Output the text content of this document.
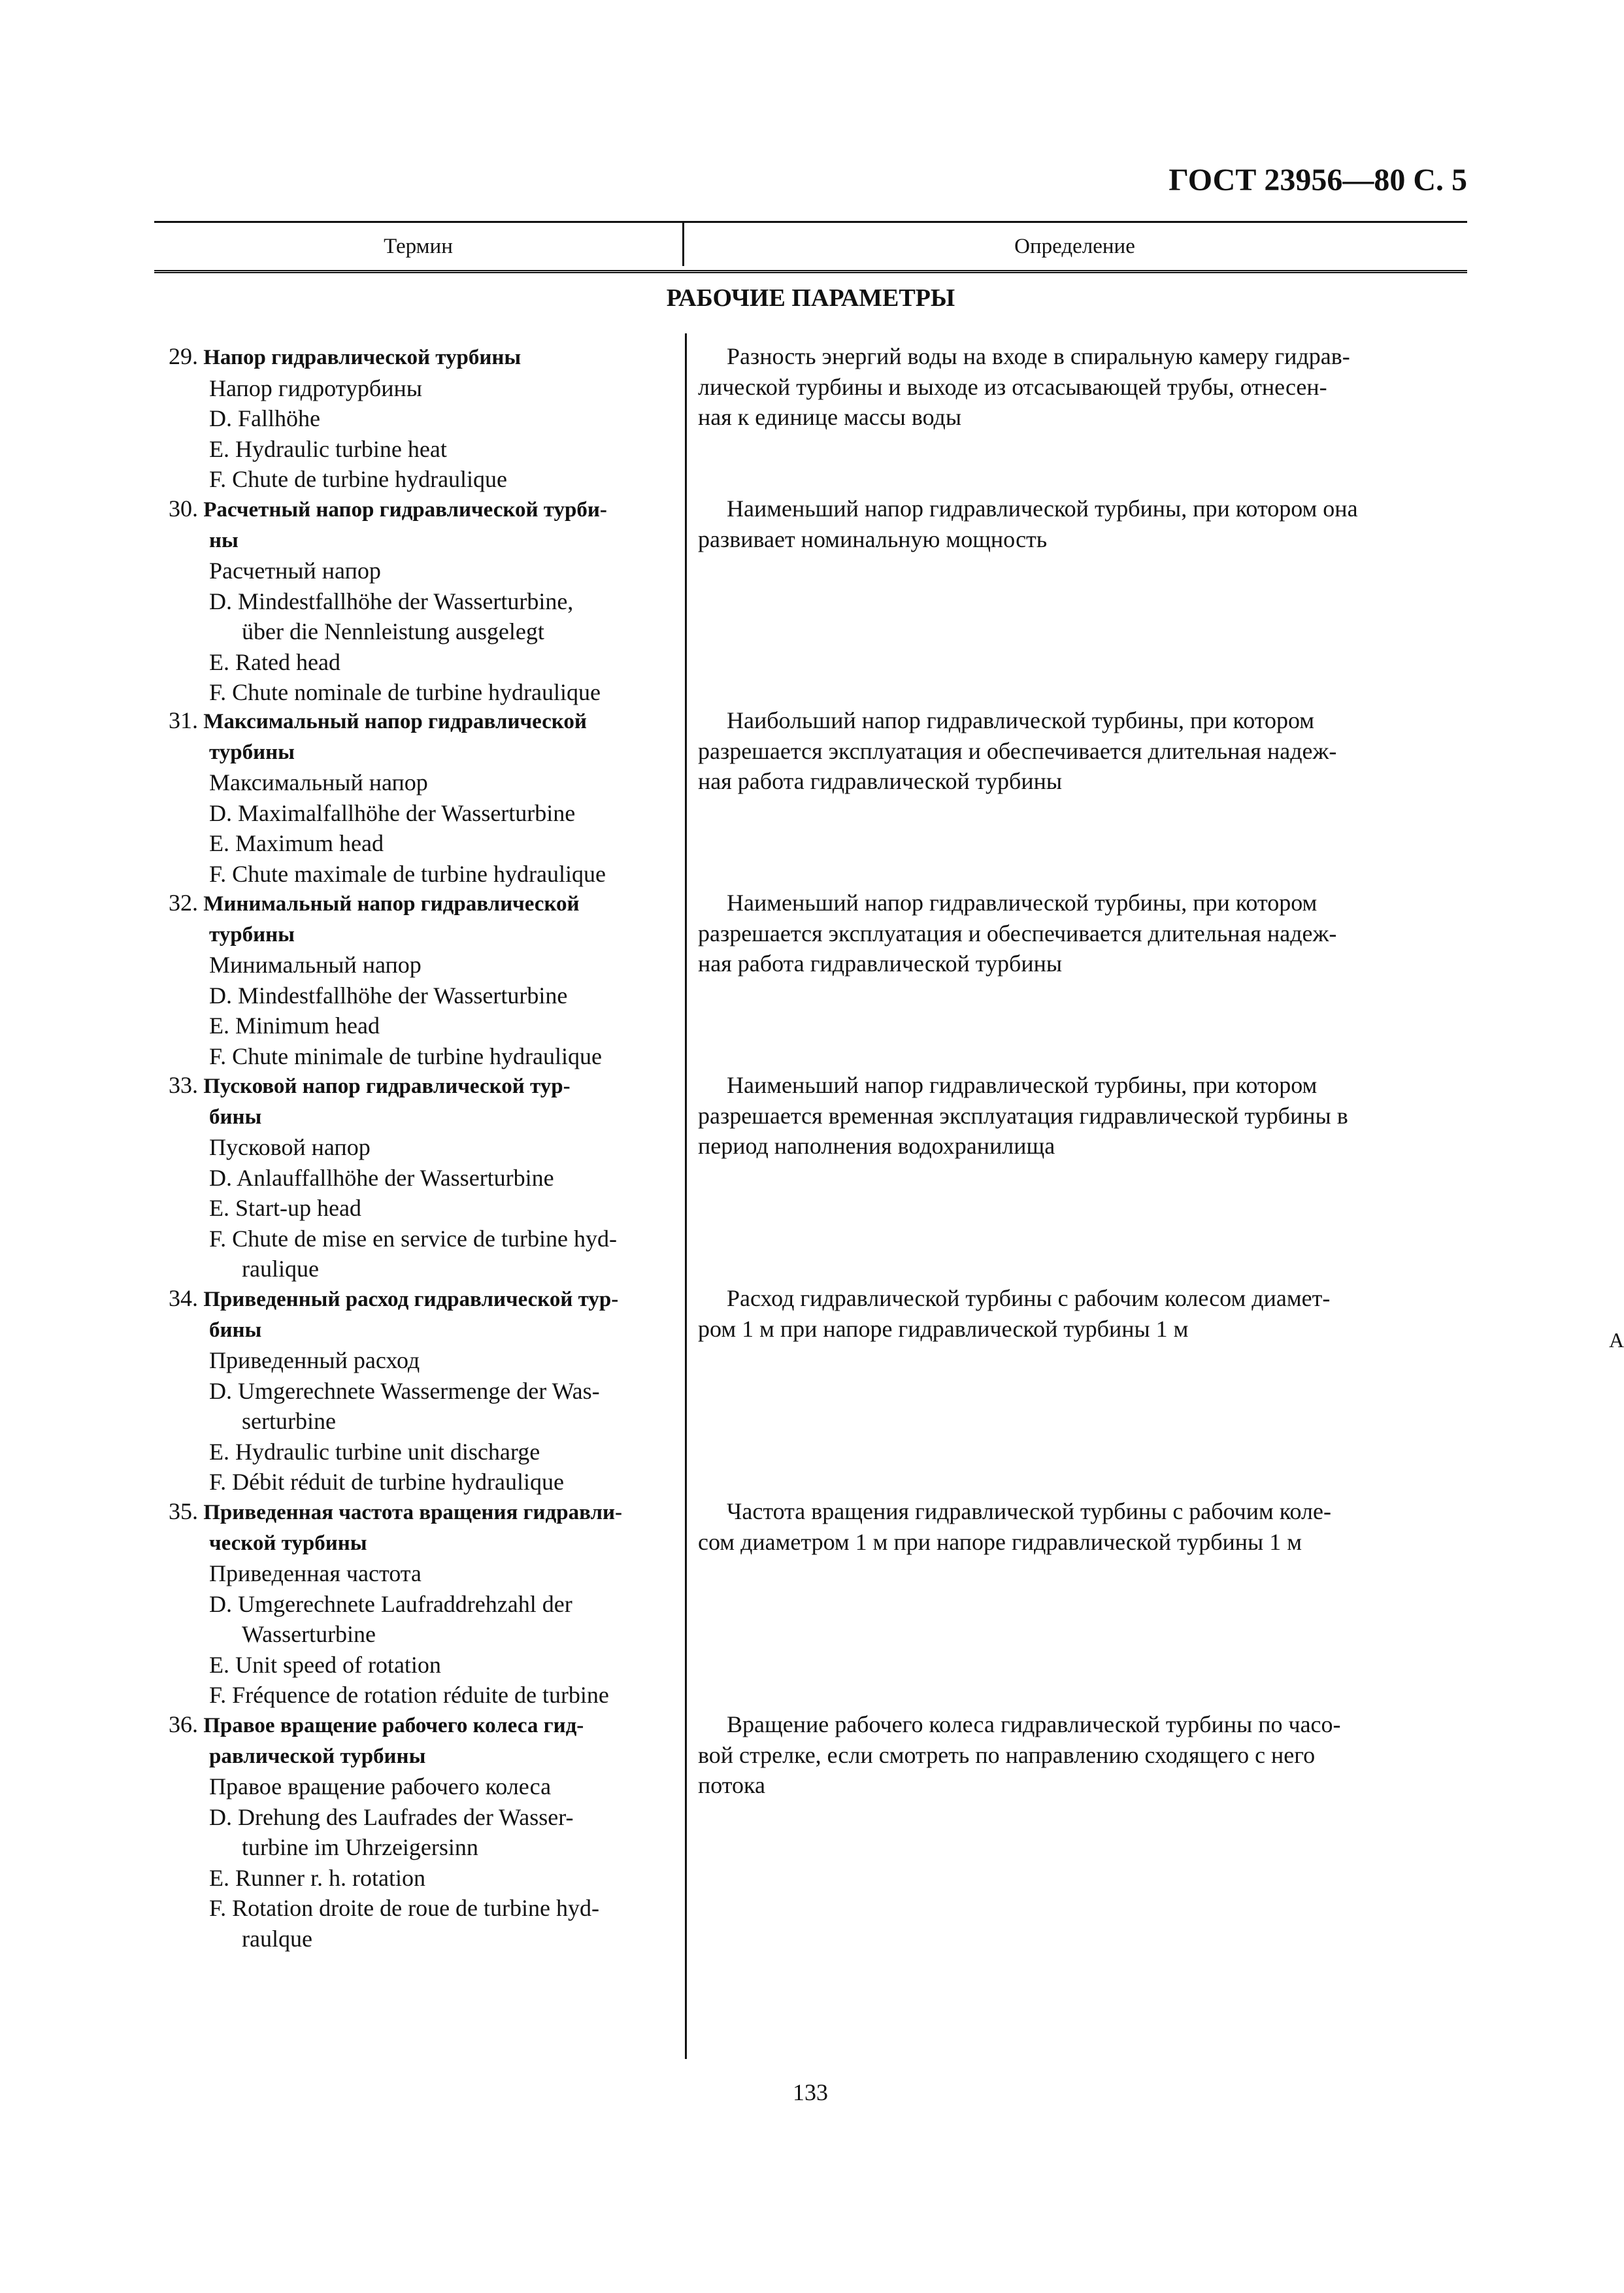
ГОСТ 23956—80 С. 5
Термин	Определение
РАБОЧИЕ ПАРАМЕТРЫ
29. Напор гидравлической турбины
Напор гидротурбины
D. Fallhöhe
E. Hydraulic turbine heat
F. Chute de turbine hydraulique
Разность энергий воды на входе в спиральную камеру гидрав-
лической турбины и выходе из отсасывающей трубы, отнесен-
ная к единице массы воды
30. Расчетный напор гидравлической турби-
ны
Расчетный напор
D. Mindestfallhöhe der Wasserturbine,
über die Nennleistung ausgelegt
E. Rated head
F. Chute nominale de turbine hydraulique
Наименьший напор гидравлической турбины, при котором она
развивает номинальную мощность
31. Максимальный напор гидравлической
турбины
Максимальный напор
D. Maximalfallhöhe der Wasserturbine
E. Maximum head
F. Chute maximale de turbine hydraulique
Наибольший напор гидравлической турбины, при котором
разрешается эксплуатация и обеспечивается длительная надеж-
ная работа гидравлической турбины
32. Минимальный напор гидравлической
турбины
Минимальный напор
D. Mindestfallhöhe der Wasserturbine
E. Minimum head
F. Chute minimale de turbine hydraulique
Наименьший напор гидравлической турбины, при котором
разрешается эксплуатация и обеспечивается длительная надеж-
ная работа гидравлической турбины
33. Пусковой напор гидравлической тур-
бины
Пусковой напор
D. Anlauffallhöhe der Wasserturbine
E. Start-up head
F. Chute de mise en service de turbine hyd-
raulique
Наименьший напор гидравлической турбины, при котором
разрешается временная эксплуатация гидравлической турбины в
период наполнения водохранилища
34. Приведенный расход гидравлической тур-
бины
Приведенный расход
D. Umgerechnete Wassermenge der Was-
serturbine
E. Hydraulic turbine unit discharge
F. Débit réduit de turbine hydraulique
Расход гидравлической турбины с рабочим колесом диамет-
ром 1 м при напоре гидравлической турбины 1 м
35. Приведенная частота вращения гидравли-
ческой турбины
Приведенная частота
D. Umgerechnete Laufraddrehzahl der
Wasserturbine
E. Unit speed of rotation
F. Fréquence de rotation réduite de turbine
Частота вращения гидравлической турбины с рабочим коле-
сом диаметром 1 м при напоре гидравлической турбины 1 м
36. Правое вращение рабочего колеса гид-
равлической турбины
Правое вращение рабочего колеса
D. Drehung des Laufrades der Wasser-
turbine im Uhrzeigersinn
E. Runner r. h. rotation
F. Rotation droite de roue de turbine hyd-
raulque
Вращение рабочего колеса гидравлической турбины по часо-
вой стрелке, если смотреть по направлению сходящего с него
потока
133
А
